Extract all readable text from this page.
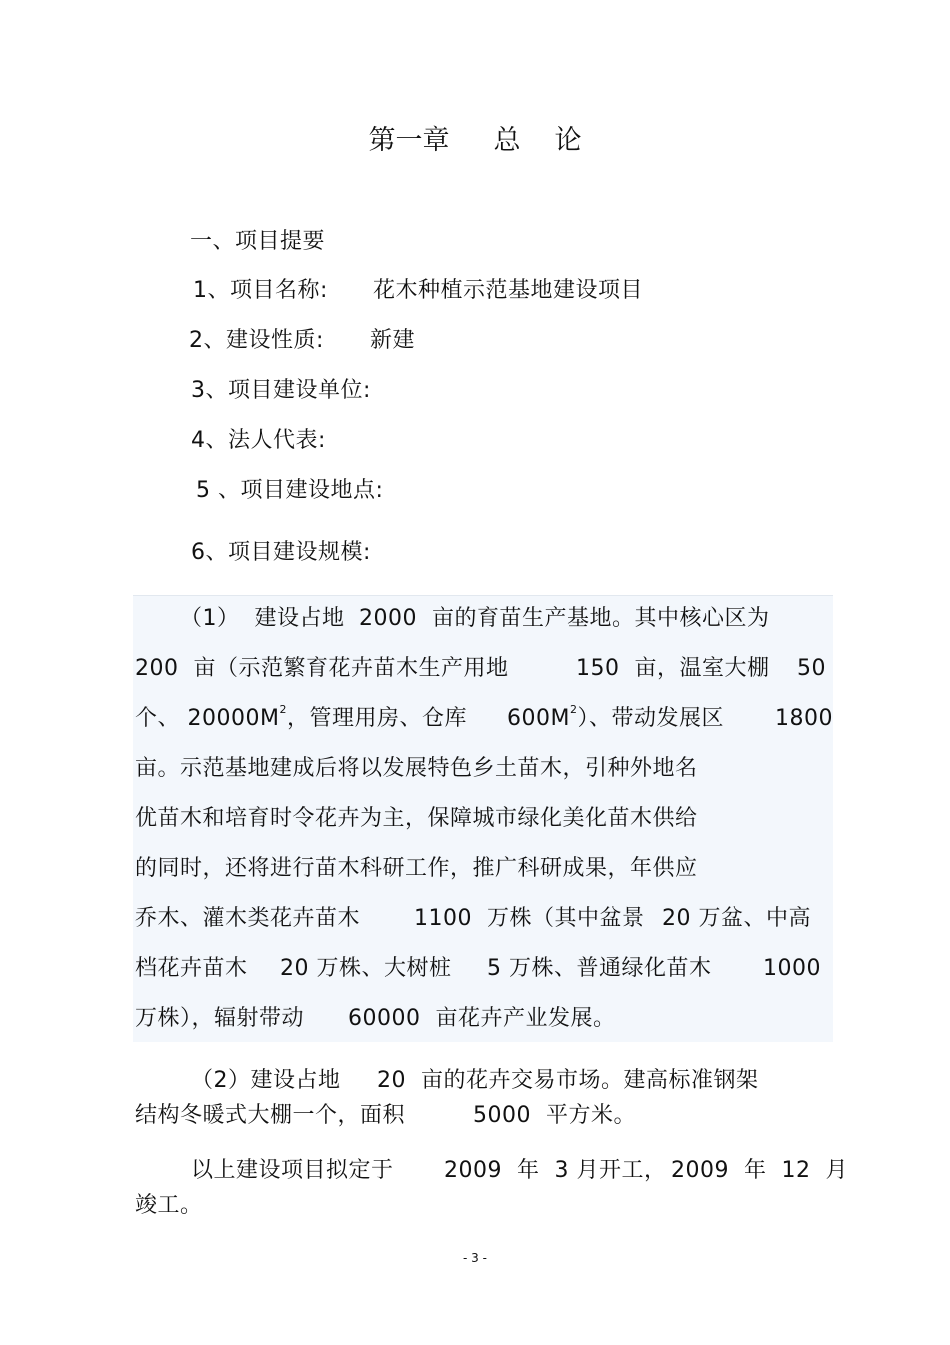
第一章 总 论
一、项目提要

1、项目名称:

花木种植示范基地建设项目

2、建设性质:

新建

3、项目建设单位:
4、法人代表:
5 、项目建设地点:
6、项目建设规模:

（1）  建设占地

2000  亩的育苗生产基地。其中核心区为

200  亩（示范繁育花卉苗木生产用地

	150  亩，温室大棚

50

个、 $20000M^2$，管理用房、仓库

$600M^2$）、带动发展区

1800

亩。示范基地建成后将以发展特色乡土苗木，引种外地名
优苗木和培育时令花卉为主，保障城市绿化美化苗木供给
的同时，还将进行苗木科研工作，推广科研成果，年供应

乔木、灌木类花卉苗木

1100  万株（其中盆景

20 万盆、中高

档花卉苗木

20 万株、大树桩

5 万株、普通绿化苗木

1000

万株），辐射带动

60000  亩花卉产业发展。

（2）建设占地

20  亩的花卉交易市场。建高标准钢架

结构冬暖式大棚一个，面积

	5000  平方米。

以上建设项目拟定于

2009  年  3 月开工，

2009  年  12  月

竣工。
- 3 -
